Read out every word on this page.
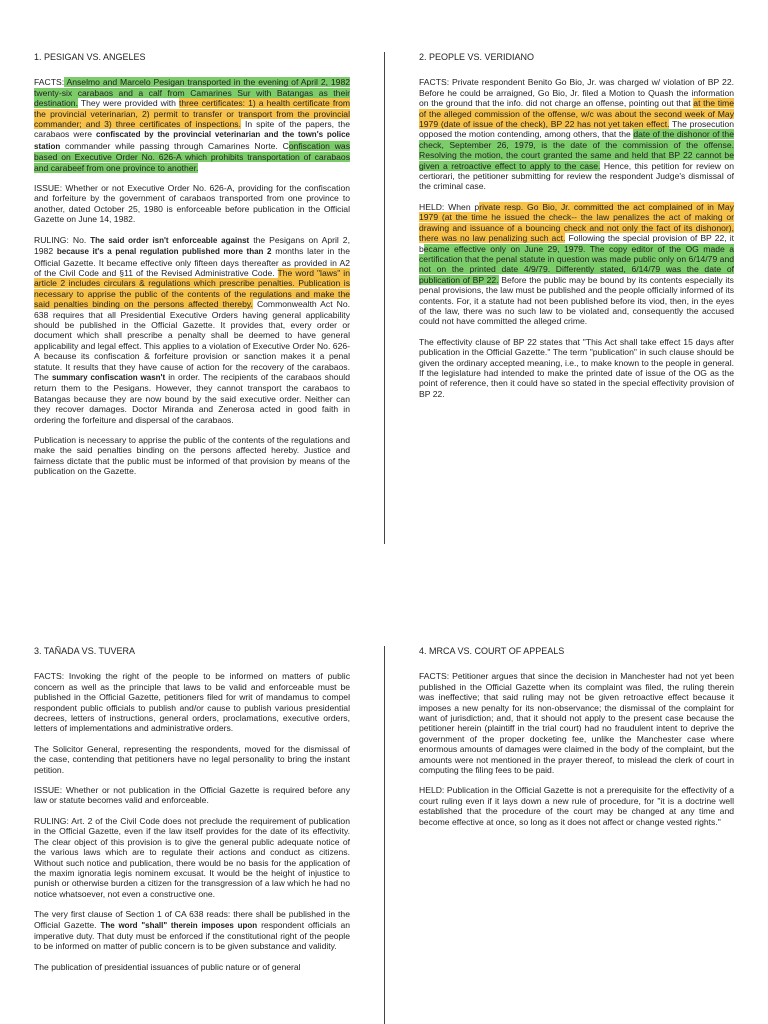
1. PESIGAN VS. ANGELES

FACTS: Anselmo and Marcelo Pesigan transported in the evening of April 2, 1982 twenty-six carabaos and a calf from Camarines Sur with Batangas as their destination. They were provided with three certificates: 1) a health certificate from the provincial veterinarian, 2) permit to transfer or transport from the provincial commander; and 3) three certificates of inspections. In spite of the papers, the carabaos were confiscated by the provincial veterinarian and the town's police station commander while passing through Camarines Norte. Confiscation was based on Executive Order No. 626-A which prohibits transportation of carabaos and carabeef from one province to another.

ISSUE: Whether or not Executive Order No. 626-A, providing for the confiscation and forfeiture by the government of carabaos transported from one province to another, dated October 25, 1980 is enforceable before publication in the Official Gazette on June 14, 1982.

RULING: No. The said order isn't enforceable against the Pesigans on April 2, 1982 because it's a penal regulation published more than 2 months later in the Official Gazette. It became effective only fifteen days thereafter as provided in A2 of the Civil Code and §11 of the Revised Administrative Code. The word "laws" in article 2 includes circulars & regulations which prescribe penalties. Publication is necessary to apprise the public of the contents of the regulations and make the said penalties binding on the persons affected thereby. Commonwealth Act No. 638 requires that all Presidential Executive Orders having general applicability should be published in the Official Gazette. It provides that, every order or document which shall prescribe a penalty shall be deemed to have general applicability and legal effect. This applies to a violation of Executive Order No. 626-A because its confiscation & forfeiture provision or sanction makes it a penal statute. It results that they have cause of action for the recovery of the carabaos. The summary confiscation wasn't in order. The recipients of the carabaos should return them to the Pesigans. However, they cannot transport the carabaos to Batangas because they are now bound by the said executive order. Neither can they recover damages. Doctor Miranda and Zenerosa acted in good faith in ordering the forfeiture and dispersal of the carabaos.

Publication is necessary to apprise the public of the contents of the regulations and make the said penalties binding on the persons affected hereby. Justice and fairness dictate that the public must be informed of that provision by means of the publication on the Gazette.

2. PEOPLE VS. VERIDIANO

FACTS: Private respondent Benito Go Bio, Jr. was charged w/ violation of BP 22. Before he could be arraigned, Go Bio, Jr. filed a Motion to Quash the information on the ground that the info. did not charge an offense, pointing out that at the time of the alleged commission of the offense, w/c was about the second week of May 1979 (date of issue of the check), BP 22 has not yet taken effect. The prosecution opposed the motion contending, among others, that the date of the dishonor of the check, September 26, 1979, is the date of the commission of the offense. Resolving the motion, the court granted the same and held that BP 22 cannot be given a retroactive effect to apply to the case. Hence, this petition for review on certiorari, the petitioner submitting for review the respondent Judge's dismissal of the criminal case.

HELD: When private resp. Go Bio, Jr. committed the act complained of in May 1979 (at the time he issued the check-- the law penalizes the act of making or drawing and issuance of a bouncing check and not only the fact of its dishonor), there was no law penalizing such act. Following the special provision of BP 22, it became effective only on June 29, 1979. The copy editor of the OG made a certification that the penal statute in question was made public only on 6/14/79 and not on the printed date 4/9/79. Differently stated, 6/14/79 was the date of publication of BP 22. Before the public may be bound by its contents especially its penal provisions, the law must be published and the people officially informed of its contents. For, it a statute had not been published before its viod, then, in the eyes of the law, there was no such law to be violated and, consequently the accused could not have committed the alleged crime.

The effectivity clause of BP 22 states that "This Act shall take effect 15 days after publication in the Official Gazette." The term "publication" in such clause should be given the ordinary accepted meaning, i.e., to make known to the people in general. If the legislature had intended to make the printed date of issue of the OG as the point of reference, then it could have so stated in the special effectivity provision of BP 22.

3. TAÑADA VS. TUVERA

FACTS: Invoking the right of the people to be informed on matters of public concern as well as the principle that laws to be valid and enforceable must be published in the Official Gazette, petitioners filed for writ of mandamus to compel respondent public officials to publish and/or cause to publish various presidential decrees, letters of instructions, general orders, proclamations, executive orders, letters of implementations and administrative orders.

The Solicitor General, representing the respondents, moved for the dismissal of the case, contending that petitioners have no legal personality to bring the instant petition.

ISSUE: Whether or not publication in the Official Gazette is required before any law or statute becomes valid and enforceable.

RULING: Art. 2 of the Civil Code does not preclude the requirement of publication in the Official Gazette, even if the law itself provides for the date of its effectivity. The clear object of this provision is to give the general public adequate notice of the various laws which are to regulate their actions and conduct as citizens. Without such notice and publication, there would be no basis for the application of the maxim ignoratia legis nominem excusat. It would be the height of injustice to punish or otherwise burden a citizen for the transgression of a law which he had no notice whatsoever, not even a constructive one.

The very first clause of Section 1 of CA 638 reads: there shall be published in the Official Gazette. The word "shall" therein imposes upon respondent officials an imperative duty. That duty must be enforced if the constitutional right of the people to be informed on matter of public concern is to be given substance and validity.

The publication of presidential issuances of public nature or of general

4. MRCA VS. COURT OF APPEALS

FACTS: Petitioner argues that since the decision in Manchester had not yet been published in the Official Gazette when its complaint was filed, the ruling therein was ineffective; that said ruling may not be given retroactive effect because it imposes a new penalty for its non-observance; the dismissal of the complaint for want of jurisdiction; and, that it should not apply to the present case because the petitioner herein (plaintiff in the trial court) had no fraudulent intent to deprive the government of the proper docketing fee, unlike the Manchester case where enormous amounts of damages were claimed in the body of the complaint, but the amounts were not mentioned in the prayer thereof, to mislead the clerk of court in computing the filing fees to be paid.

HELD: Publication in the Official Gazette is not a prerequisite for the effectivity of a court ruling even if it lays down a new rule of procedure, for "it is a doctrine well established that the procedure of the court may be changed at any time and become effective at once, so long as it does not affect or change vested rights."
